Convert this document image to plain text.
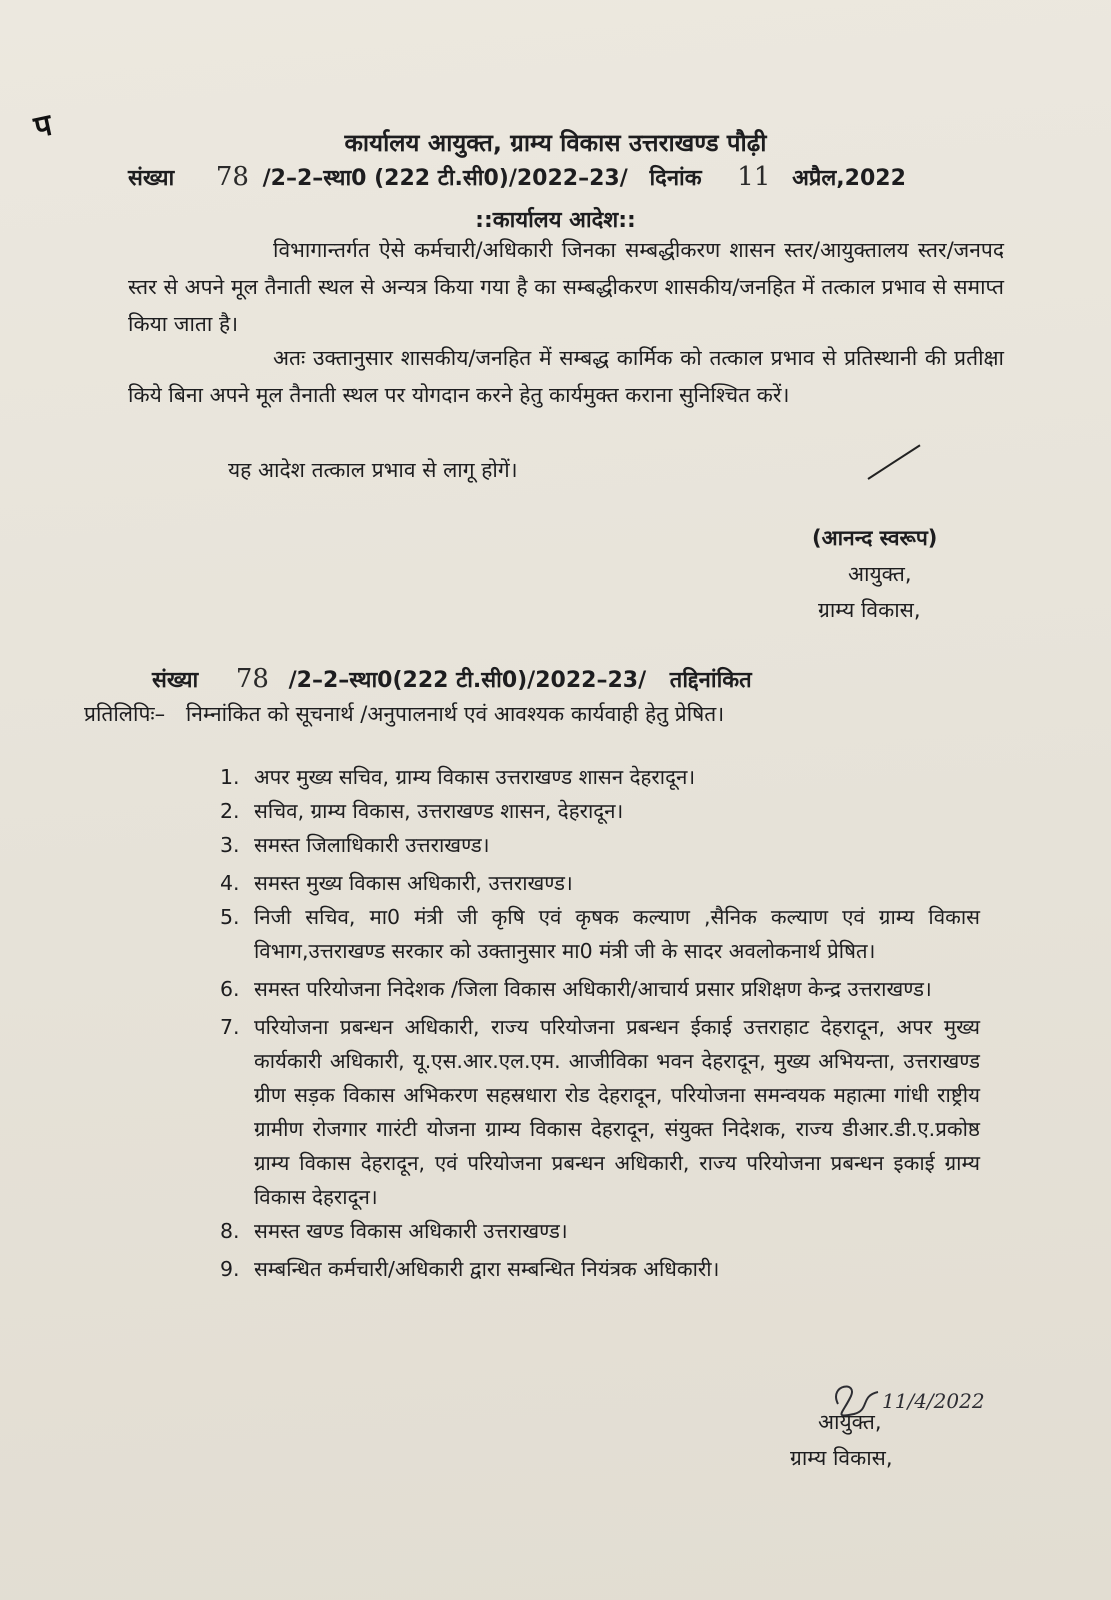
प	कार्यालय आयुक्त, ग्राम्य विकास उत्तराखण्ड पौढ़ी
संख्या 78 /2–2–स्था0 (222 टी.सी0)/2022–23/ दिनांक 11 अप्रैल,2022
::कार्यालय आदेश::
विभागान्तर्गत ऐसे कर्मचारी/अधिकारी जिनका सम्बद्धीकरण शासन स्तर/आयुक्तालय स्तर/जनपद स्तर से अपने मूल तैनाती स्थल से अन्यत्र किया गया है का सम्बद्धीकरण शासकीय/जनहित में तत्काल प्रभाव से समाप्त किया जाता है।
अतः उक्तानुसार शासकीय/जनहित में सम्बद्ध कार्मिक को तत्काल प्रभाव से प्रतिस्थानी की प्रतीक्षा किये बिना अपने मूल तैनाती स्थल पर योगदान करने हेतु कार्यमुक्त कराना सुनिश्चित करें।
यह आदेश तत्काल प्रभाव से लागू होगें।
(आनन्द स्वरूप)
आयुक्त,
ग्राम्य विकास,
संख्या 78 /2–2–स्था0(222 टी.सी0)/2022–23/ तद्दिनांकित
प्रतिलिपिः– निम्नांकित को सूचनार्थ /अनुपालनार्थ एवं आवश्यक कार्यवाही हेतु प्रेषित।
1. अपर मुख्य सचिव, ग्राम्य विकास उत्तराखण्ड शासन देहरादून।
2. सचिव, ग्राम्य विकास, उत्तराखण्ड शासन, देहरादून।
3. समस्त जिलाधिकारी उत्तराखण्ड।
4. समस्त मुख्य विकास अधिकारी, उत्तराखण्ड।
5. निजी सचिव, मा0 मंत्री जी कृषि एवं कृषक कल्याण ,सैनिक कल्याण एवं ग्राम्य विकास विभाग,उत्तराखण्ड सरकार को उक्तानुसार मा0 मंत्री जी के सादर अवलोकनार्थ प्रेषित।
6. समस्त परियोजना निदेशक /जिला विकास अधिकारी/आचार्य प्रसार प्रशिक्षण केन्द्र उत्तराखण्ड।
7. परियोजना प्रबन्धन अधिकारी, राज्य परियोजना प्रबन्धन ईकाई उत्तराहाट देहरादून, अपर मुख्य कार्यकारी अधिकारी, यू.एस.आर.एल.एम. आजीविका भवन देहरादून, मुख्य अभियन्ता, उत्तराखण्ड ग्रीण सड़क विकास अभिकरण सहस्रधारा रोड देहरादून, परियोजना समन्वयक महात्मा गांधी राष्ट्रीय ग्रामीण रोजगार गारंटी योजना ग्राम्य विकास देहरादून, संयुक्त निदेशक, राज्य डीआर.डी.ए.प्रकोष्ठ ग्राम्य विकास देहरादून, एवं परियोजना प्रबन्धन अधिकारी, राज्य परियोजना प्रबन्धन इकाई ग्राम्य विकास देहरादून।
8. समस्त खण्ड विकास अधिकारी उत्तराखण्ड।
9. सम्बन्धित कर्मचारी/अधिकारी द्वारा सम्बन्धित नियंत्रक अधिकारी।
11/4/2022
आयुक्त,
ग्राम्य विकास,
